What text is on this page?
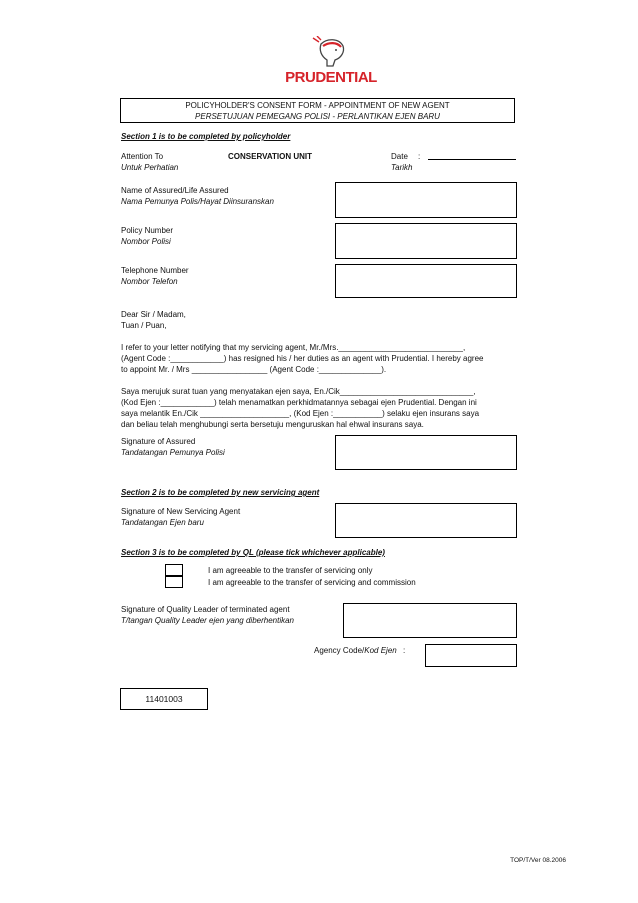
PRUDENTIAL
POLICYHOLDER'S CONSENT FORM - APPOINTMENT OF NEW AGENT
PERSETUJUAN PEMEGANG POLISI - PERLANTIKAN EJEN BARU
Section 1 is to be completed by policyholder
Attention To
Untuk Perhatian
CONSERVATION UNIT	Date :
Tarikh
Name of Assured/Life Assured
Nama Pemunya Polis/Hayat Diinsuranskan
Policy Number
Nombor Polisi
Telephone Number
Nombor Telefon
Dear Sir / Madam,
Tuan / Puan,
I refer to your letter notifying that my servicing agent, Mr./Mrs.____________________________,
(Agent Code :____________) has resigned his / her duties as an agent with Prudential. I hereby agree
to appoint Mr. / Mrs _________________ (Agent Code :______________).
Saya merujuk surat tuan yang menyatakan ejen saya, En./Cik______________________________,
(Kod Ejen :____________) telah menamatkan perkhidmatannya sebagai ejen Prudential. Dengan ini
saya melantik En./Cik ____________________, (Kod Ejen :___________) selaku ejen insurans saya
dan beliau telah menghubungi serta bersetuju menguruskan hal ehwal insurans saya.
Signature of Assured
Tandatangan Pemunya Polisi
Section 2 is to be completed by new servicing agent
Signature of New Servicing Agent
Tandatangan Ejen baru
Section 3 is to be completed by QL (please tick whichever applicable)
I am agreeable to the transfer of servicing only
I am agreeable to the transfer of servicing and commission
Signature of Quality Leader of terminated agent
T/tangan Quality Leader ejen yang diberhentikan
Agency Code/Kod Ejen :
11401003
TOP/T/Ver 08.2006
